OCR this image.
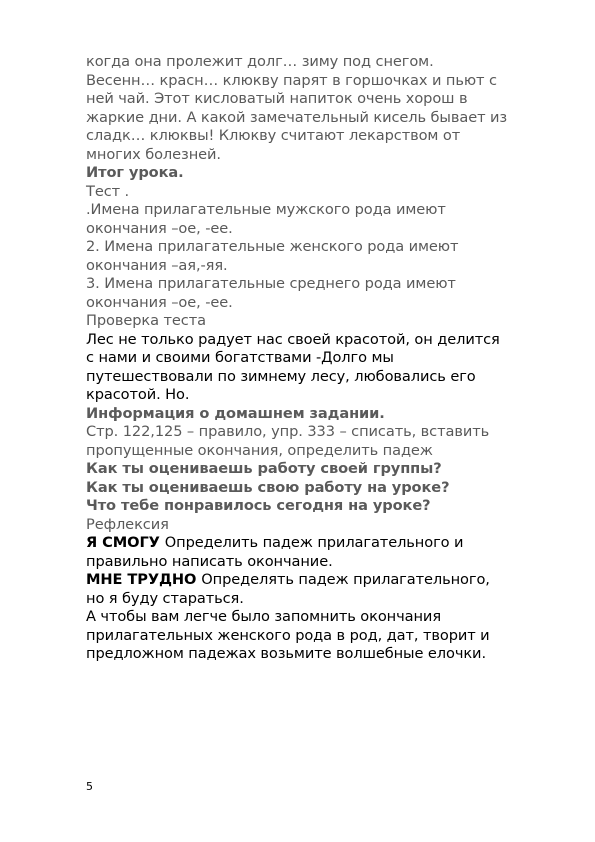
когда она пролежит долг… зиму под снегом.
Весенн… красн… клюкву парят в горшочках и пьют с
ней чай. Этот кисловатый напиток очень хорош в
жаркие дни. А какой замечательный кисель бывает из
сладк… клюквы! Клюкву считают лекарством от
многих болезней.
Итог урока.
Тест .
.Имена прилагательные мужского рода имеют
окончания –ое, -ее.
2. Имена прилагательные женского рода имеют
окончания –ая,-яя.
3. Имена прилагательные среднего рода имеют
окончания –ое, -ее.
Проверка теста
Лес не только радует нас своей красотой, он делится
с нами и своими богатствами -Долго мы
путешествовали по зимнему лесу, любовались его
красотой. Но.
Информация о домашнем задании.
Стр. 122,125 – правило, упр. 333 – списать, вставить
пропущенные окончания, определить падеж
Как ты оцениваешь работу своей группы?
Как ты оцениваешь свою работу на уроке?
Что тебе понравилось сегодня на уроке?
Рефлексия
Я СМОГУ Определить падеж прилагательного и
правильно написать окончание.
МНЕ ТРУДНО Определять падеж прилагательного,
но я буду стараться.
А чтобы вам легче было запомнить окончания
прилагательных женского рода в род, дат, творит и
предложном падежах возьмите волшебные елочки.
5
